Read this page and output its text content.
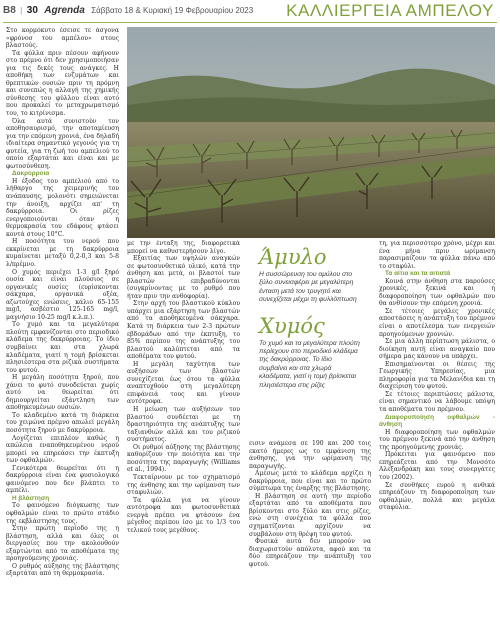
B8 | 30 Agrenda Σάββατο 18 & Κυριακή 19 Φεβρουαρίου 2023 ΚΑΛΛΙΕΡΓΕΙΑ ΑΜΠΕΛΟΥ

Στο κορμόκυτο έσεισε τε άσγονα «φρόνοσ του αμπέλου» στους βλαστούς.

Τα φύλλα πριν πέσουν αφήνουν στο πρέμνο ότι δεν χρησιμοποιήσαν για τις δικές τους ανάγκες. Η αποθήκη των ενζυμάτων και θρεπτικών ουσιών πριν τη πρόμνη και συνεπώς η αλλαγή της χημικής σύνθεσης του φύλλου είναι αυτό που προκαλεί το μεταχρωματισμό του, το κιτρίνισμα.

Όλα αυτά συνιστούν τον αποθησαυρισμό, την αποταμίευση για την επόμενη χρονιά, ένα δηλαδή ιδιαίτερα σημαντικό γεγονός για τη φυτεία, για τη ζωή του αμπελιού το οποίο εξαρτάται και είναι και με φωτοσύνθεση.

Δακρύρροια

Η έξοδος του αμπελιού από το λήθαργο της χειμερινής του ανάπαυσης, μολονότι σημειώνεται την άνοιξη, αρχίζει απ' τη δακρύρροια. Οι ρίζες ενεργοποιούνται όταν η θερμοκρασία του εδάφους φτάσει κοντά στους 10°C.

Η ποσότητα του νερού που εκκρίνεται με τη δακρύρροια κυμαίνεται μεταξύ 0,2-0,3 και 5-8 λ/πρέμνο.

Ο χυμός περιέχει 1-3 g/l ξηρό ουσία και είναι πλούσιος σε οργανικές ουσίες (ευρίσκονται σάκχαρα, οργανικά οξέα, αζωτούχες ενώσεις, κάλιο 65-155 mg/l, ασβέστιο 125-165 mg/l, μαγνήσιο 10-25 mg/l κ.λ.π.).

Το χυμό και τα μεγαλύτερα πλούτη εμφανίζονται στο περιοδικό κλάδεμα της δακρύρροιας. Το ίδιο συμβαίνει και στα χλωρά κλαδέματα, γιατί η τομή βρίσκεται πλησιέστερα στα ριζικά συστήματα του φυτού.

Η μεγάλη ποσότητα ξηρού, που χάνει το φυτό συνοδεύεται χωρίς αυτό να θεωρείται ότι δημιουργείται εξάντληση των αποθηκευμένων ουσιών.

Το κλαδεμένο κατά τη διάρκεια του χειμώνα πρέμνο απωλεί μεγάλη ποσότητα ξηρού με δακρύρροια.

Λογίζεται επιπλέον καθώς η απώλεια εναποθηκευμένου νερού μπορεί να επηρεάσει την έκπτυξη των οφθαλμών.

Γενικότερα θεωρείται ότι η δακρύρροια είναι ένα φυσιολογικό φαινόμενο που δεν βλάπτει το αμπέλι.

Η βλάστηση

Το φαινόμενο διόγκωσης των οφθαλμών είναι το πρώτο στάδιο της εκβλάστησης τους.

Στην πρώτη περίοδο της η βλάστηση, αλλά και όλες οι διεργασίες που την ακολουθούν εξαρτώνται από τα αποθέματα της προηγούμενης χρονιάς.

Ο ρυθμός αύξησης της βλάστησης εξαρτάται από τη θερμοκρασία.

με την ένταξη της, διαφορετικά μπορεί να καθυστερήσουν λίγο.

Εξαιτίας των υψηλών αναγκών σε φωτοσυνθετικό υλικό, κατά την άνθηση και μετά, οι βλαστοί των βλαστών επιβραδύνονται (συγκρίνοντας με το ρυθμό που ήταν πριν την ανθοφορία).

Στην αρχή του βλαστικού κύκλου υπάρχει μια εξάρτηση των βλαστών από τα αποθηκευμένα σάκχαρα. Κατά τη διάρκεια των 2-3 πρώτων εβδομάδων από την έκπτυξη, το 85% περίπου της ανάπτυξης του βλαστού καλύπτεται από τα αποθέματα του φυτού.

Η μεγάλη ταχύτητα των αυξήσεων των βλαστών συνεχίζεται έως ότου τα φύλλα αναπτυχθούν στη μεγαλύτερη επιφάνειά τους και γίνουν αυτότροφα.

Η μείωση των αυξήσεων του βλαστού συνδέεται με τη δραστηριότητα της ανάπτυξης των ταξιανθιών αλλά και του ριζικού συστήματος.

Οι ρυθμοί αύξησης της βλάστησης καθορίζουν την ποιότητα και την ποσότητα της παραγωγής (Williams et al., 1994).

Τεκταίρνουν με τον σχηματισμό της άνθησης και την ωρίμανση των σταφυλιών.

Τα φύλλα για να γίνουν αυτότροφα και φωτοσυνθετικά ενεργά πρέπει να φτάσουν ένα μέγεθος περίπου ίσο με το 1/3 του τελικού τους μεγέθους.

Άμυλο
Η συσσώρευση του αμύλου στο ξύλο συνεισφέρει με μεγαλύτερη ένταση μετά τον τρυγητό και συνεχίζεται μέχρι τη φυλλόπτωση
Χυμός
Το χυμό και τα μεγαλύτερα πλούτη περίεχουν στο περιοδικό κλάδεμα της δακρύρροιας. Το ίδιο συμβαίνει και στα χλωρά κλαδέματα, γιατί η τομή βρίσκεται πλησιέστερα στις ρίζες

εισιν ανάμεσα σε 190 και 200 τοις εκατό ήμερες ως το εμφάνιση της άνθησης, για την ωρίμανση της παραγωγής.

Αμέσως μετά το κλάδεμα αρχίζει η δακρύρροια, που είναι και το πρώτο σύμπτωμα της έναρξης της βλάστησης.

Η βλάστηση σε αυτή την περίοδο εξαρτάται από τα αποθέματα που βρίσκονται στο ξύλο και στις ρίζες, ενώ στη συνέχεια τα φύλλα που σχηματίζονται αρχίζουν να συμβάλουν στη θρέψη του φυτού.

Φυσικά αυτά δεν μπορούν να διαχωριστούν απόλυτα, αφού και τα δύο επηρεάζουν την ανάπτυξη του φυτού.

τη, για περισσότερο χρόνο, μέχρι και ένα μήνα πριν ωρίμανση παρασιμαίζουν τα φύλλα πάνω από το σταφύλι.

Τα αίτια και τα αιτιατά

Κοινά στην άνθηση στα παρούσες χρονικές, ξεκινά και η διαφοροποίηση των οφθαλμών που θα ανθίσουν την επόμενη χρονιά.

Σε τέτοιες μεγάλες χρονικές αποστάσεις η ανάπτυξη του πρέμνου είναι ο αποτέλεσμα των ενεργειών προηγούμενων χρονιών.

Σε μια άλλη περίπτωση μάλιστα, ο διοίκηση αυτή είναι αναγκαίο που σήμερα μας κάνουν να υπάρχει.

Επισημαίνονται οι θέσεις της Γεωργικής Υπηρεσίας, μια πληροφορία για τα Μελανίδια και τη διαχείριση του φυτού.

Σε τέτοιες περιπτώσεις μάλιστα, είναι σημαντικό να λάβουμε υπόψη τα αποθέματα του πρέμνου.

Διαφοροποίηση οφθαλμών - άνθηση

Η διαφοροποίηση των οφθαλμών του πρέμνου ξεκινά από την άνθηση της προηγούμενης χρονιάς.

Πρόκειται για φαινόμενο που επηρεάζεται από την Μονσότο Αλεξανδράκη και τους συνεργάτες του (2002).

Σε συνθήκες ευρού η ανθικά επηρεάζουν τη διαφοροποίηση των οφθαλμών, πολλά και μεγάλα σταφύλια.
